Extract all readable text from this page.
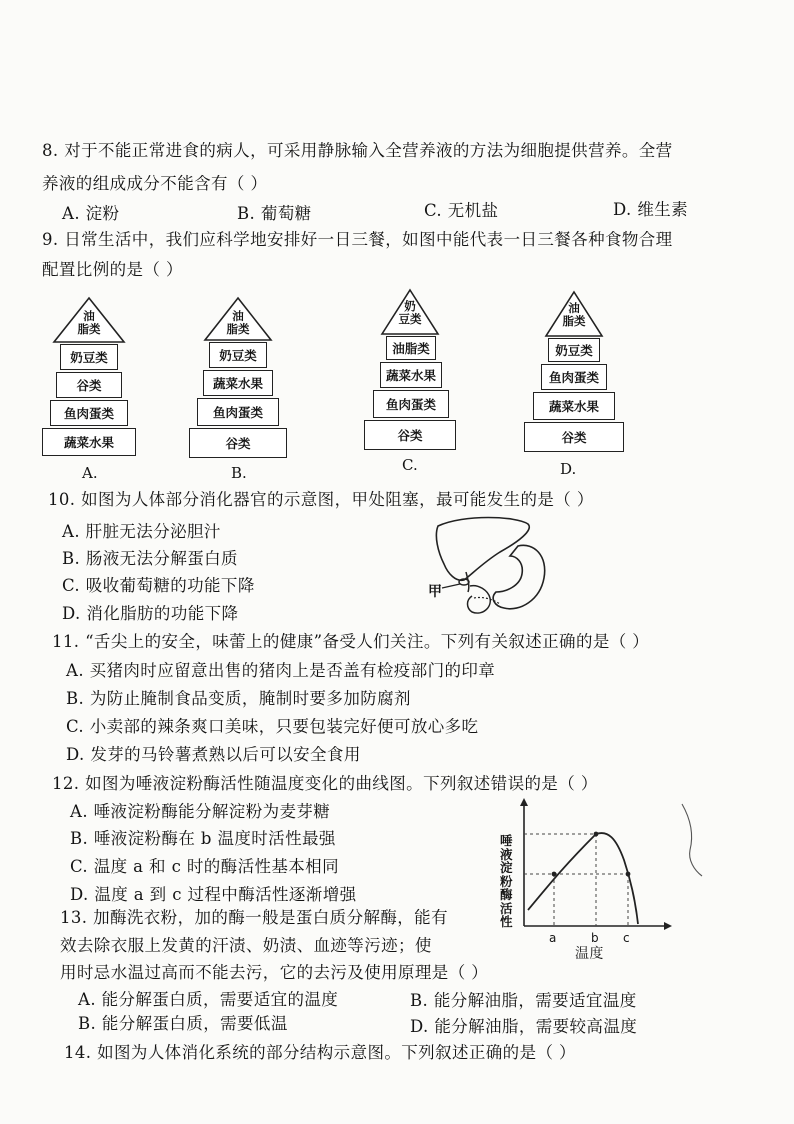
8. 对于不能正常进食的病人，可采用静脉输入全营养液的方法为细胞提供营养。全营
养液的组成成分不能含有（ ）
A. 淀粉	B. 葡萄糖	C. 无机盐	D. 维生素
9. 日常生活中，我们应科学地安排好一日三餐，如图中能代表一日三餐各种食物合理
配置比例的是（ ）
油
脂类
奶豆类
谷类
鱼肉蛋类
蔬菜水果
A.
油
脂类
奶豆类
蔬菜水果
鱼肉蛋类
谷类
B.
奶
豆类
油脂类
蔬菜水果
鱼肉蛋类
谷类
C.
油
脂类
奶豆类
鱼肉蛋类
蔬菜水果
谷类
D.
10. 如图为人体部分消化器官的示意图，甲处阻塞，最可能发生的是（ ）
A. 肝脏无法分泌胆汁
B. 肠液无法分解蛋白质
C. 吸收葡萄糖的功能下降
D. 消化脂肪的功能下降
甲
11. “舌尖上的安全，味蕾上的健康”备受人们关注。下列有关叙述正确的是（ ）
A. 买猪肉时应留意出售的猪肉上是否盖有检疫部门的印章
B. 为防止腌制食品变质，腌制时要多加防腐剂
C. 小卖部的辣条爽口美味，只要包装完好便可放心多吃
D. 发芽的马铃薯煮熟以后可以安全食用
12. 如图为唾液淀粉酶活性随温度变化的曲线图。下列叙述错误的是（ ）
A. 唾液淀粉酶能分解淀粉为麦芽糖
B. 唾液淀粉酶在 b 温度时活性最强
C. 温度 a 和 c 时的酶活性基本相同
D. 温度 a 到 c 过程中酶活性逐渐增强
唾液淀粉酶活性
a	b c
温度
13. 加酶洗衣粉，加的酶一般是蛋白质分解酶，能有
效去除衣服上发黄的汗渍、奶渍、血迹等污迹；使
用时忌水温过高而不能去污，它的去污及使用原理是（ ）
A. 能分解蛋白质，需要适宜的温度
B. 能分解蛋白质，需要低温
B. 能分解油脂，需要适宜温度
D. 能分解油脂，需要较高温度
14. 如图为人体消化系统的部分结构示意图。下列叙述正确的是（ ）
